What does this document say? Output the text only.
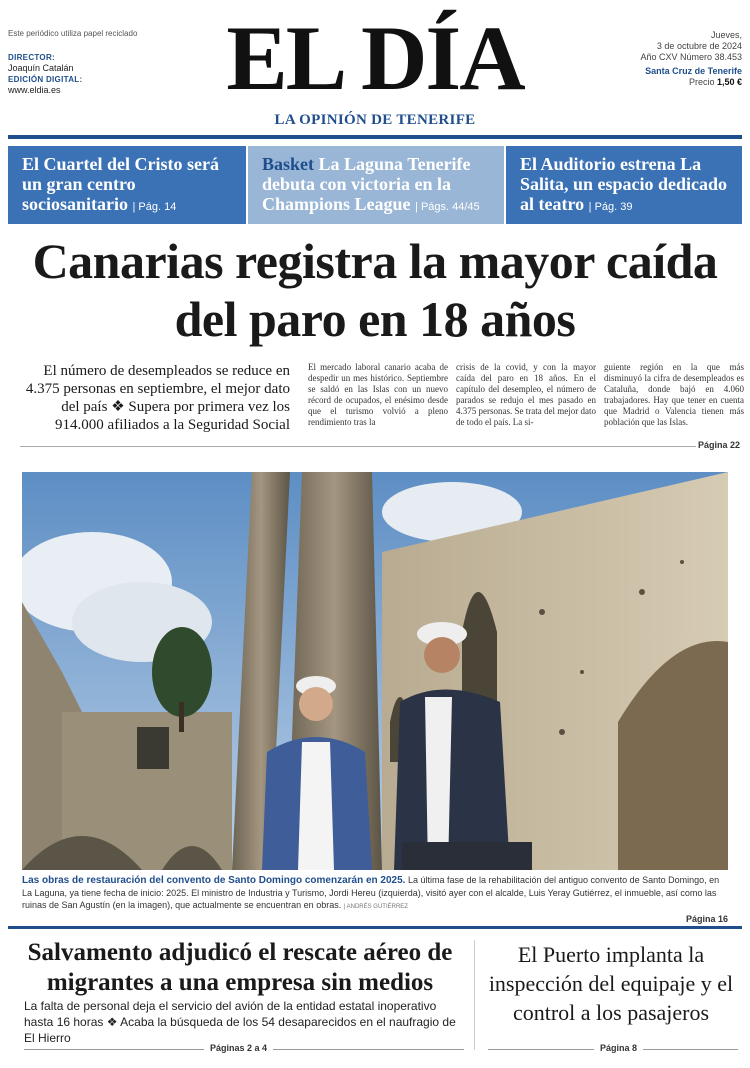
Este periódico utiliza papel reciclado
DIRECTOR:
Joaquín Catalán
EDICIÓN DIGITAL:
www.eldia.es	EL DÍA
LA OPINIÓN DE TENERIFE
Jueves,
3 de octubre de 2024
Año CXV Número 38.453
Santa Cruz de Tenerife
Precio 1,50 €
El Cuartel del Cristo será un gran centro sociosanitario | Pág. 14
Basket La Laguna Tenerife debuta con victoria en la Champions League | Págs. 44/45
El Auditorio estrena La Salita, un espacio dedicado al teatro | Pág. 39
Canarias registra la mayor caída del paro en 18 años
El número de desempleados se reduce en 4.375 personas en septiembre, el mejor dato del país ❖ Supera por primera vez los 914.000 afiliados a la Seguridad Social
El mercado laboral canario acaba de despedir un mes histórico. Septiembre se saldó en las Islas con un nuevo récord de ocupados, el enésimo desde que el turismo volvió a pleno rendimiento tras la
crisis de la covid, y con la mayor caída del paro en 18 años. En el capítulo del desempleo, el número de parados se redujo el mes pasado en 4.375 personas. Se trata del mejor dato de todo el país. La si-
guiente región en la que más disminuyó la cifra de desempleados es Cataluña, donde bajó en 4.060 trabajadores. Hay que tener en cuenta que Madrid o Valencia tienen más población que las Islas.
Página 22
Las obras de restauración del convento de Santo Domingo comenzarán en 2025. La última fase de la rehabilitación del antiguo convento de Santo Domingo, en La Laguna, ya tiene fecha de inicio: 2025. El ministro de Industria y Turismo, Jordi Hereu (izquierda), visitó ayer con el alcalde, Luis Yeray Gutiérrez, el inmueble, así como las ruinas de San Agustín (en la imagen), que actualmente se encuentran en obras. | ANDRÉS GUTIÉRREZ
Página 16
Salvamento adjudicó el rescate aéreo de migrantes a una empresa sin medios
La falta de personal deja el servicio del avión de la entidad estatal inoperativo hasta 16 horas ❖ Acaba la búsqueda de los 54 desaparecidos en el naufragio de El Hierro
El Puerto implanta la inspección del equipaje y el control a los pasajeros
Páginas 2 a 4	Página 8
